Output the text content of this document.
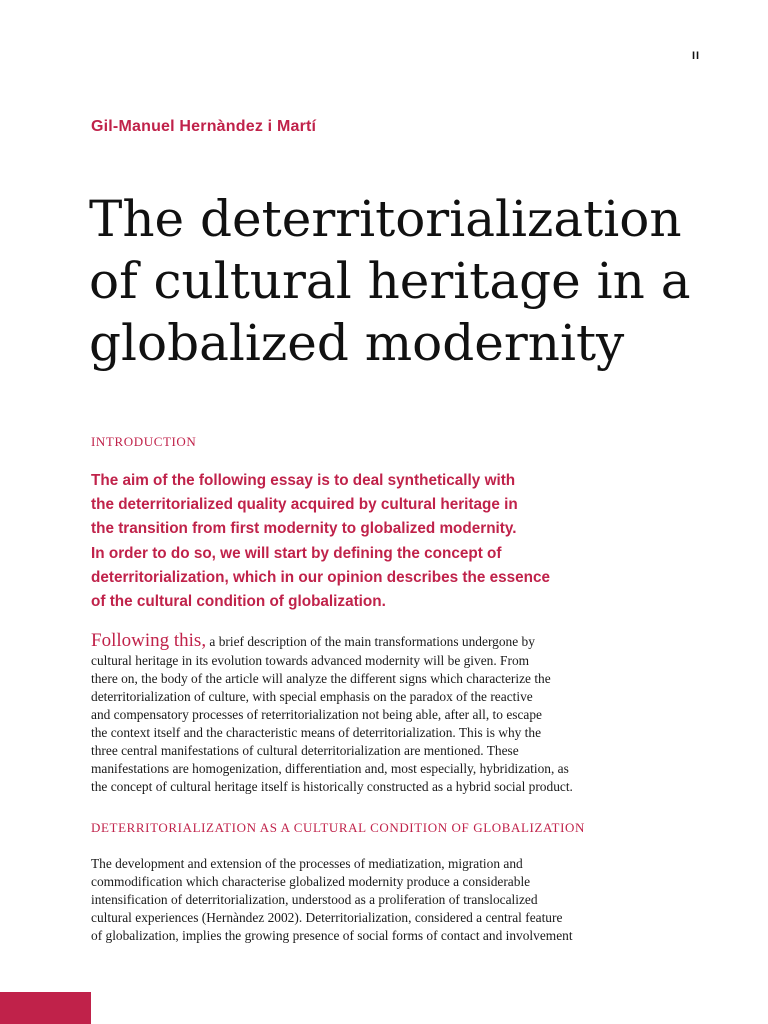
II
Gil-Manuel Hernàndez i Martí
The deterritorialization
of cultural heritage in a
globalized modernity
INTRODUCTION
The aim of the following essay is to deal synthetically with
the deterritorialized quality acquired by cultural heritage in
the transition from first modernity to globalized modernity.
In order to do so, we will start by defining the concept of
deterritorialization, which in our opinion describes the essence
of the cultural condition of globalization.
Following this, a brief description of the main transformations undergone by
cultural heritage in its evolution towards advanced modernity will be given. From
there on, the body of the article will analyze the different signs which characterize the
deterritorialization of culture, with special emphasis on the paradox of the reactive
and compensatory processes of reterritorialization not being able, after all, to escape
the context itself and the characteristic means of deterritorialization. This is why the
three central manifestations of cultural deterritorialization are mentioned. These
manifestations are homogenization, differentiation and, most especially, hybridization, as
the concept of cultural heritage itself is historically constructed as a hybrid social product.
DETERRITORIALIZATION AS A CULTURAL CONDITION OF GLOBALIZATION
The development and extension of the processes of mediatization, migration and
commodification which characterise globalized modernity produce a considerable
intensification of deterritorialization, understood as a proliferation of translocalized
cultural experiences (Hernàndez 2002). Deterritorialization, considered a central feature
of globalization, implies the growing presence of social forms of contact and involvement
